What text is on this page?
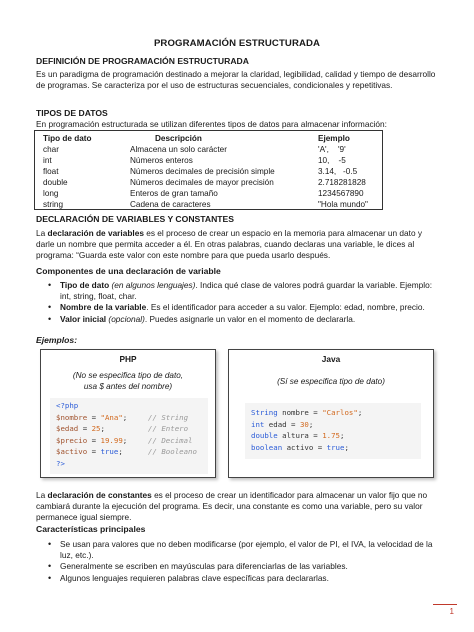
PROGRAMACIÓN ESTRUCTURADA
DEFINICIÓN DE PROGRAMACIÓN ESTRUCTURADA
Es un paradigma de programación destinado a mejorar la claridad, legibilidad, calidad y tiempo de desarrollo de programas. Se caracteriza por el uso de estructuras secuenciales, condicionales y repetitivas.
TIPOS DE DATOS
En programación estructurada se utilizan diferentes tipos de datos para almacenar información:
Tipo de dato	Descripción	Ejemplo
char	Almacena un solo carácter	'A',    '9'
int	Números enteros	10,    -5
float	Números decimales de precisión simple	3.14,   -0.5
double	Números decimales de mayor precisión	2.718281828
long	Enteros de gran tamaño	1234567890
string	Cadena de caracteres	"Hola mundo"
DECLARACIÓN DE VARIABLES Y CONSTANTES
La declaración de variables es el proceso de crear un espacio en la memoria para almacenar un dato y darle un nombre que permita acceder a él. En otras palabras, cuando declaras una variable, le dices al programa: “Guarda este valor con este nombre para que pueda usarlo después.
Componentes de una declaración de variable
• Tipo de dato (en algunos lenguajes). Indica qué clase de valores podrá guardar la variable. Ejemplo: int, string, float, char.
• Nombre de la variable. Es el identificador para acceder a su valor. Ejemplo: edad, nombre, precio.
• Valor inicial (opcional). Puedes asignarle un valor en el momento de declararla.
Ejemplos:
PHP
(No se especifica tipo de dato,
usa $ antes del nombre)
<?php
$nombre = "Ana";	// String
$edad = 25;	// Entero
$precio = 19.99;	// Decimal
$activo = true;	// Booleano
?>
Java
(Sí se especifica tipo de dato)
String nombre = "Carlos";
int edad = 30;
double altura = 1.75;
boolean activo = true;
La declaración de constantes es el proceso de crear un identificador para almacenar un valor fijo que no cambiará durante la ejecución del programa. Es decir, una constante es como una variable, pero su valor permanece igual siempre.
Características principales
• Se usan para valores que no deben modificarse (por ejemplo, el valor de PI, el IVA, la velocidad de la luz, etc.).
• Generalmente se escriben en mayúsculas para diferenciarlas de las variables.
• Algunos lenguajes requieren palabras clave específicas para declararlas.
1
